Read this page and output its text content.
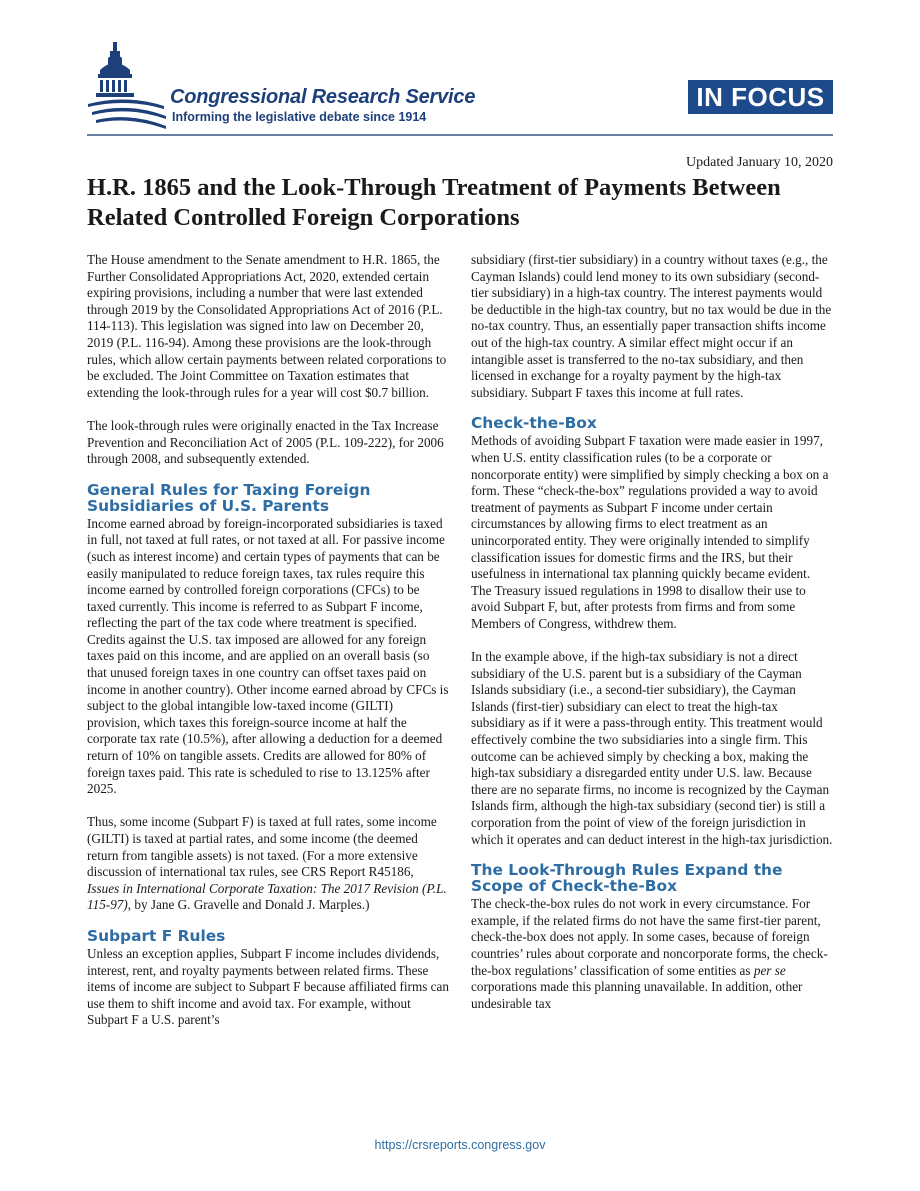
Congressional Research Service
Informing the legislative debate since 1914
IN FOCUS
Updated January 10, 2020
H.R. 1865 and the Look-Through Treatment of Payments Between Related Controlled Foreign Corporations

The House amendment to the Senate amendment to H.R. 1865, the Further Consolidated Appropriations Act, 2020, extended certain expiring provisions, including a number that were last extended through 2019 by the Consolidated Appropriations Act of 2016 (P.L. 114-113). This legislation was signed into law on December 20, 2019 (P.L. 116-94). Among these provisions are the look-through rules, which allow certain payments between related corporations to be excluded. The Joint Committee on Taxation estimates that extending the look-through rules for a year will cost $0.7 billion.

The look-through rules were originally enacted in the Tax Increase Prevention and Reconciliation Act of 2005 (P.L. 109-222), for 2006 through 2008, and subsequently extended.

General Rules for Taxing Foreign Subsidiaries of U.S. Parents

Income earned abroad by foreign-incorporated subsidiaries is taxed in full, not taxed at full rates, or not taxed at all. For passive income (such as interest income) and certain types of payments that can be easily manipulated to reduce foreign taxes, tax rules require this income earned by controlled foreign corporations (CFCs) to be taxed currently. This income is referred to as Subpart F income, reflecting the part of the tax code where treatment is specified. Credits against the U.S. tax imposed are allowed for any foreign taxes paid on this income, and are applied on an overall basis (so that unused foreign taxes in one country can offset taxes paid on income in another country). Other income earned abroad by CFCs is subject to the global intangible low-taxed income (GILTI) provision, which taxes this foreign-source income at half the corporate tax rate (10.5%), after allowing a deduction for a deemed return of 10% on tangible assets. Credits are allowed for 80% of foreign taxes paid. This rate is scheduled to rise to 13.125% after 2025.

Thus, some income (Subpart F) is taxed at full rates, some income (GILTI) is taxed at partial rates, and some income (the deemed return from tangible assets) is not taxed. (For a more extensive discussion of international tax rules, see CRS Report R45186, Issues in International Corporate Taxation: The 2017 Revision (P.L. 115-97), by Jane G. Gravelle and Donald J. Marples.)

Subpart F Rules

Unless an exception applies, Subpart F income includes dividends, interest, rent, and royalty payments between related firms. These items of income are subject to Subpart F because affiliated firms can use them to shift income and avoid tax. For example, without Subpart F a U.S. parent’s

subsidiary (first-tier subsidiary) in a country without taxes (e.g., the Cayman Islands) could lend money to its own subsidiary (second-tier subsidiary) in a high-tax country. The interest payments would be deductible in the high-tax country, but no tax would be due in the no-tax country. Thus, an essentially paper transaction shifts income out of the high-tax country. A similar effect might occur if an intangible asset is transferred to the no-tax subsidiary, and then licensed in exchange for a royalty payment by the high-tax subsidiary. Subpart F taxes this income at full rates.

Check-the-Box

Methods of avoiding Subpart F taxation were made easier in 1997, when U.S. entity classification rules (to be a corporate or noncorporate entity) were simplified by simply checking a box on a form. These “check-the-box” regulations provided a way to avoid treatment of payments as Subpart F income under certain circumstances by allowing firms to elect treatment as an unincorporated entity. They were originally intended to simplify classification issues for domestic firms and the IRS, but their usefulness in international tax planning quickly became evident. The Treasury issued regulations in 1998 to disallow their use to avoid Subpart F, but, after protests from firms and from some Members of Congress, withdrew them.

In the example above, if the high-tax subsidiary is not a direct subsidiary of the U.S. parent but is a subsidiary of the Cayman Islands subsidiary (i.e., a second-tier subsidiary), the Cayman Islands (first-tier) subsidiary can elect to treat the high-tax subsidiary as if it were a pass-through entity. This treatment would effectively combine the two subsidiaries into a single firm. This outcome can be achieved simply by checking a box, making the high-tax subsidiary a disregarded entity under U.S. law. Because there are no separate firms, no income is recognized by the Cayman Islands firm, although the high-tax subsidiary (second tier) is still a corporation from the point of view of the foreign jurisdiction in which it operates and can deduct interest in the high-tax jurisdiction.

The Look-Through Rules Expand the Scope of Check-the-Box

The check-the-box rules do not work in every circumstance. For example, if the related firms do not have the same first-tier parent, check-the-box does not apply. In some cases, because of foreign countries’ rules about corporate and noncorporate forms, the check-the-box regulations’ classification of some entities as per se corporations made this planning unavailable. In addition, other undesirable tax

https://crsreports.congress.gov
